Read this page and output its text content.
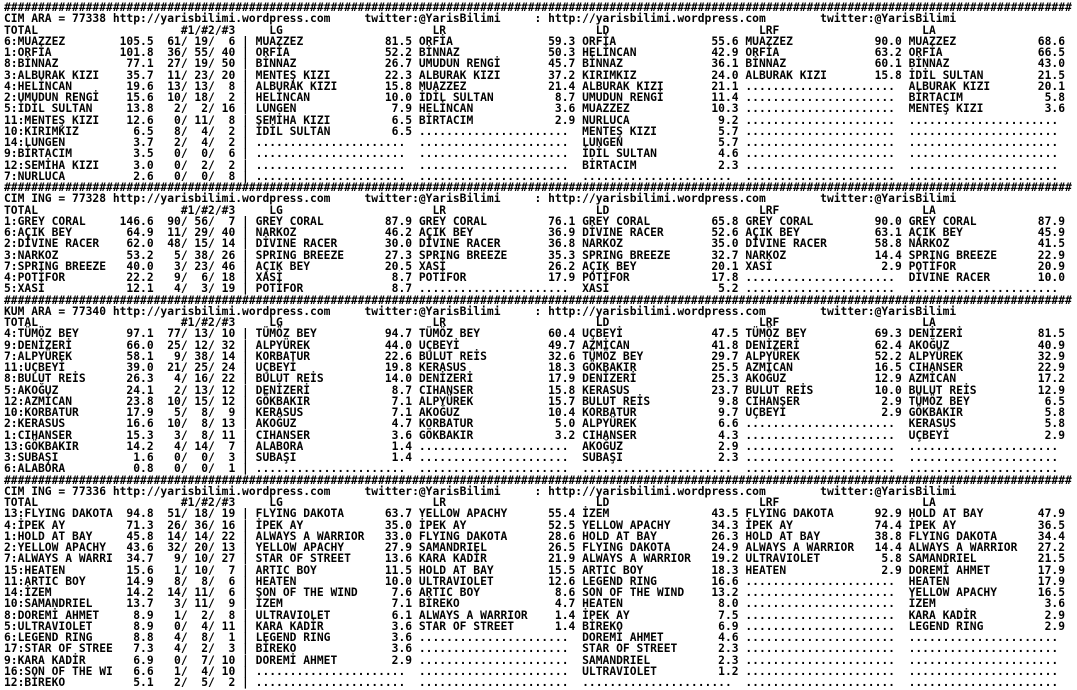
#############################################################################################################################################################
CIM ARA = 77338 http://yarisbilimi.wordpress.com     twitter:@YarisBilimi     : http://yarisbilimi.wordpress.com        twitter:@YarisBilimi
TOTAL                     #1/#2/#3     LG                      LR                      LD                      LRF                     LA
6:MUAZZEZ        105.5  61/ 19/  6 | MUAZZEZ            81.5 ORFİA              59.3 ORFİA              55.6 MUAZZEZ            90.0 MUAZZEZ            68.6
1:ORFİA          101.8  36/ 55/ 40 | ORFİA              52.2 BİNNAZ             50.3 HELİNCAN           42.9 ORFİA              63.2 ORFİA              66.5
8:BİNNAZ          77.1  27/ 19/ 50 | BİNNAZ             26.7 UMUDUN RENGİ       45.7 BİNNAZ             36.1 BİNNAZ             60.1 BİNNAZ             43.0
3:ALBURAK KIZI    35.7  11/ 23/ 20 | MENTEŞ KIZI        22.3 ALBURAK KIZI       37.2 KIRIMKIZ           24.0 ALBURAK KIZI       15.8 İDİL SULTAN        21.5
4:HELİNCAN        19.6  13/ 13/  8 | ALBURAK KIZI       15.8 MUAZZEZ            21.4 ALBURAK KIZI       21.1 ......................  ALBURAK KIZI       20.1
2:UMUDUN RENGİ    15.6  10/ 18/  2 | HELİNCAN           10.0 İDİL SULTAN         8.7 UMUDUN RENGİ       11.4 ......................  BİRTACIM            5.8
5:İDİL SULTAN     13.8   2/  2/ 16 | LUNGEN              7.9 HELİNCAN            3.6 MUAZZEZ            10.3 ......................  MENTEŞ KIZI         3.6
11:MENTEŞ KIZI    12.6   0/ 11/  8 | SEMİHA KIZI         6.5 BİRTACIM            2.9 NURLUCA             9.2 ......................  ......................
10:KIRIMKIZ        6.5   8/  4/  2 | İDİL SULTAN         6.5 ......................  MENTEŞ KIZI         5.7 ......................  ......................
14:LUNGEN          3.7   2/  4/  2 | ......................  ......................  LUNGEN              5.7 ......................  ......................
9:BİRTACIM         3.5   0/  0/  6 | ......................  ......................  İDİL SULTAN         4.6 ......................  ......................
12:SEMİHA KIZI     3.0   0/  2/  2 | ......................  ......................  BİRTACIM            2.3 ......................  ......................
7:NURLUCA          2.6   0/  0/  8 | ......................  ......................  ......................  ......................  ......................
#############################################################################################################################################################
CIM ING = 77328 http://yarisbilimi.wordpress.com     twitter:@YarisBilimi     : http://yarisbilimi.wordpress.com        twitter:@YarisBilimi
TOTAL                     #1/#2/#3     LG                      LR                      LD                      LRF                     LA
1:GREY CORAL     146.6  90/ 56/  7 | GREY CORAL         87.9 GREY CORAL         76.1 GREY CORAL         65.8 GREY CORAL         90.0 GREY CORAL         87.9
6:AÇIK BEY        64.9  11/ 29/ 40 | NARKOZ             46.2 AÇIK BEY           36.9 DİVINE RACER       52.6 AÇIK BEY           63.1 AÇIK BEY           45.9
2:DİVINE RACER    62.0  48/ 15/ 14 | DİVINE RACER       30.0 DİVINE RACER       36.8 NARKOZ             35.0 DİVINE RACER       58.8 NARKOZ             41.5
3:NARKOZ          53.2   5/ 38/ 26 | SPRING BREEZE      27.3 SPRING BREEZE      35.3 SPRING BREEZE      32.7 NARKOZ             14.4 SPRING BREEZE      22.9
7:SPRING BREEZE   40.0   3/ 23/ 46 | AÇIK BEY           20.5 XASİ               26.2 AÇIK BEY           20.1 XASİ                2.9 POTİFOR            20.9
4:POTİFOR         22.2   9/  6/ 18 | XASİ                8.7 POTİFOR            17.9 POTİFOR            17.8 ......................  DİVINE RACER       10.0
5:XASİ            12.1   4/  3/ 19 | POTİFOR             8.7 ......................  XASİ                5.2 ......................  ......................
#############################################################################################################################################################
KUM ARA = 77340 http://yarisbilimi.wordpress.com     twitter:@YarisBilimi     : http://yarisbilimi.wordpress.com        twitter:@YarisBilimi
TOTAL                     #1/#2/#3     LG                      LR                      LD                      LRF                     LA
4:TÜMÖZ BEY       97.1  77/ 13/ 10 | TÜMÖZ BEY          94.7 TÜMÖZ BEY          60.4 UÇBEYİ             47.5 TÜMÖZ BEY          69.3 DENİZERİ           81.5
9:DENİZERİ        66.0  25/ 12/ 32 | ALPYÜREK           44.0 UÇBEYİ             49.7 AZMİCAN            41.8 DENİZERİ           62.4 AKOĞUZ             40.9
7:ALPYÜREK        58.1   9/ 38/ 14 | KORBATUR           22.6 BULUT REİS         32.6 TÜMÖZ BEY          29.7 ALPYÜREK           52.2 ALPYÜREK           32.9
11:UÇBEYİ         39.0  21/ 25/ 24 | UÇBEYİ             19.8 KERASUS            18.3 GÖKBAKIR           25.5 AZMİCAN            16.5 CIHANSER           22.9
8:BULUT REİS      26.3   4/ 16/ 22 | BULUT REİS         14.0 DENİZERİ           17.9 DENİZERİ           25.3 AKOĞUZ             12.9 AZMİCAN            17.2
5:AKOĞUZ          24.1   2/ 13/ 12 | DENİZERİ            8.7 CIHANSER           15.8 KERASUS            23.7 BULUT REİS         10.0 BULUT REİS         12.9
12:AZMİCAN        23.8  10/ 15/ 12 | GÖKBAKIR            7.1 ALPYÜREK           15.7 BULUT REİS          9.8 CIHANSER            2.9 TÜMÖZ BEY           6.5
10:KORBATUR       17.9   5/  8/  9 | KERASUS             7.1 AKOĞUZ             10.4 KORBATUR            9.7 UÇBEYİ              2.9 GÖKBAKIR            5.8
2:KERASUS         16.6  10/  8/ 13 | AKOĞUZ              4.7 KORBATUR            5.0 ALPYÜREK            6.6 ......................  KERASUS             5.8
1:CIHANSER        15.3   3/  8/ 11 | CIHANSER            3.6 GÖKBAKIR            3.2 CIHANSER            4.3 ......................  UÇBEYİ              2.9
13:GÖKBAKIR       14.2   4/ 14/  7 | ALABORA             1.4 ......................  AKOĞUZ              2.9 ......................  ......................
3:SUBAŞI           1.6   0/  0/  3 | SUBAŞI              1.4 ......................  SUBAŞI              2.3 ......................  ......................
6:ALABORA          0.8   0/  0/  1 | ......................  ......................  ......................  ......................  ......................
#############################################################################################################################################################
CIM ING = 77336 http://yarisbilimi.wordpress.com     twitter:@YarisBilimi     : http://yarisbilimi.wordpress.com        twitter:@YarisBilimi
TOTAL                     #1/#2/#3     LG                      LR                      LD                      LRF                     LA
13:FLYING DAKOTA  94.8  51/ 18/ 19 | FLYING DAKOTA      63.7 YELLOW APACHY      55.4 İZEM               43.5 FLYING DAKOTA      92.9 HOLD AT BAY        47.9
4:İPEK AY         71.3  26/ 36/ 16 | İPEK AY            35.0 İPEK AY            52.5 YELLOW APACHY      34.3 İPEK AY            74.4 İPEK AY            36.5
1:HOLD AT BAY     45.8  14/ 14/ 22 | ALWAYS A WARRIOR   33.0 FLYING DAKOTA      28.6 HOLD AT BAY        26.3 HOLD AT BAY        38.8 FLYING DAKOTA      34.4
2:YELLOW APACHY   43.6  32/ 20/ 13 | YELLOW APACHY      27.9 SAMANDRIEL         26.5 FLYING DAKOTA      24.9 ALWAYS A WARRIOR   14.4 ALWAYS A WARRIOR   27.2
7:ALWAYS A WARRI  34.7   9/ 10/ 27 | STAR OF STREET     13.6 KARA KADİR         21.9 ALWAYS A WARRIOR   19.2 ULTRAVIOLET         5.8 SAMANDRIEL         21.5
15:HEATEN         15.6   1/ 10/  7 | ARTIC BOY          11.5 HOLD AT BAY        15.5 ARTIC BOY          18.3 HEATEN              2.9 DOREMİ AHMET       17.9
11:ARTIC BOY      14.9   8/  8/  6 | HEATEN             10.0 ULTRAVIOLET        12.6 LEGEND RING        16.6 ......................  HEATEN             17.9
14:İZEM           14.2  14/ 11/  6 | SON OF THE WIND     7.6 ARTIC BOY           8.6 SON OF THE WIND    13.2 ......................  YELLOW APACHY      16.5
10:SAMANDRIEL     13.7   3/ 11/  9 | İZEM                7.1 BİREKO              4.7 HEATEN              8.0 ......................  İZEM                3.6
8:DOREMİ AHMET     8.9   1/  2/  8 | ULTRAVIOLET         6.1 ALWAYS A WARRIOR    1.4 İPEK AY             7.5 ......................  KARA KADİR          2.9
5:ULTRAVIOLET      8.9   0/  4/ 11 | KARA KADİR          3.6 STAR OF STREET      1.4 BİREKO              6.9 ......................  LEGEND RING         2.9
6:LEGEND RING      8.8   4/  8/  1 | LEGEND RING         3.6 ......................  DOREMİ AHMET        4.6 ......................  ......................
17:STAR OF STREE   7.3   4/  2/  3 | BİREKO              3.6 ......................  STAR OF STREET      2.3 ......................  ......................
9:KARA KADİR       6.9   0/  7/ 10 | DOREMİ AHMET        2.9 ......................  SAMANDRIEL          2.3 ......................  ......................
16:SON OF THE WI   6.6   1/  4/ 10 | ......................  ......................  ULTRAVIOLET         1.2 ......................  ......................
12:BİREKO          5.1   2/  5/  2 | ......................  ......................  ......................  ......................  ......................
